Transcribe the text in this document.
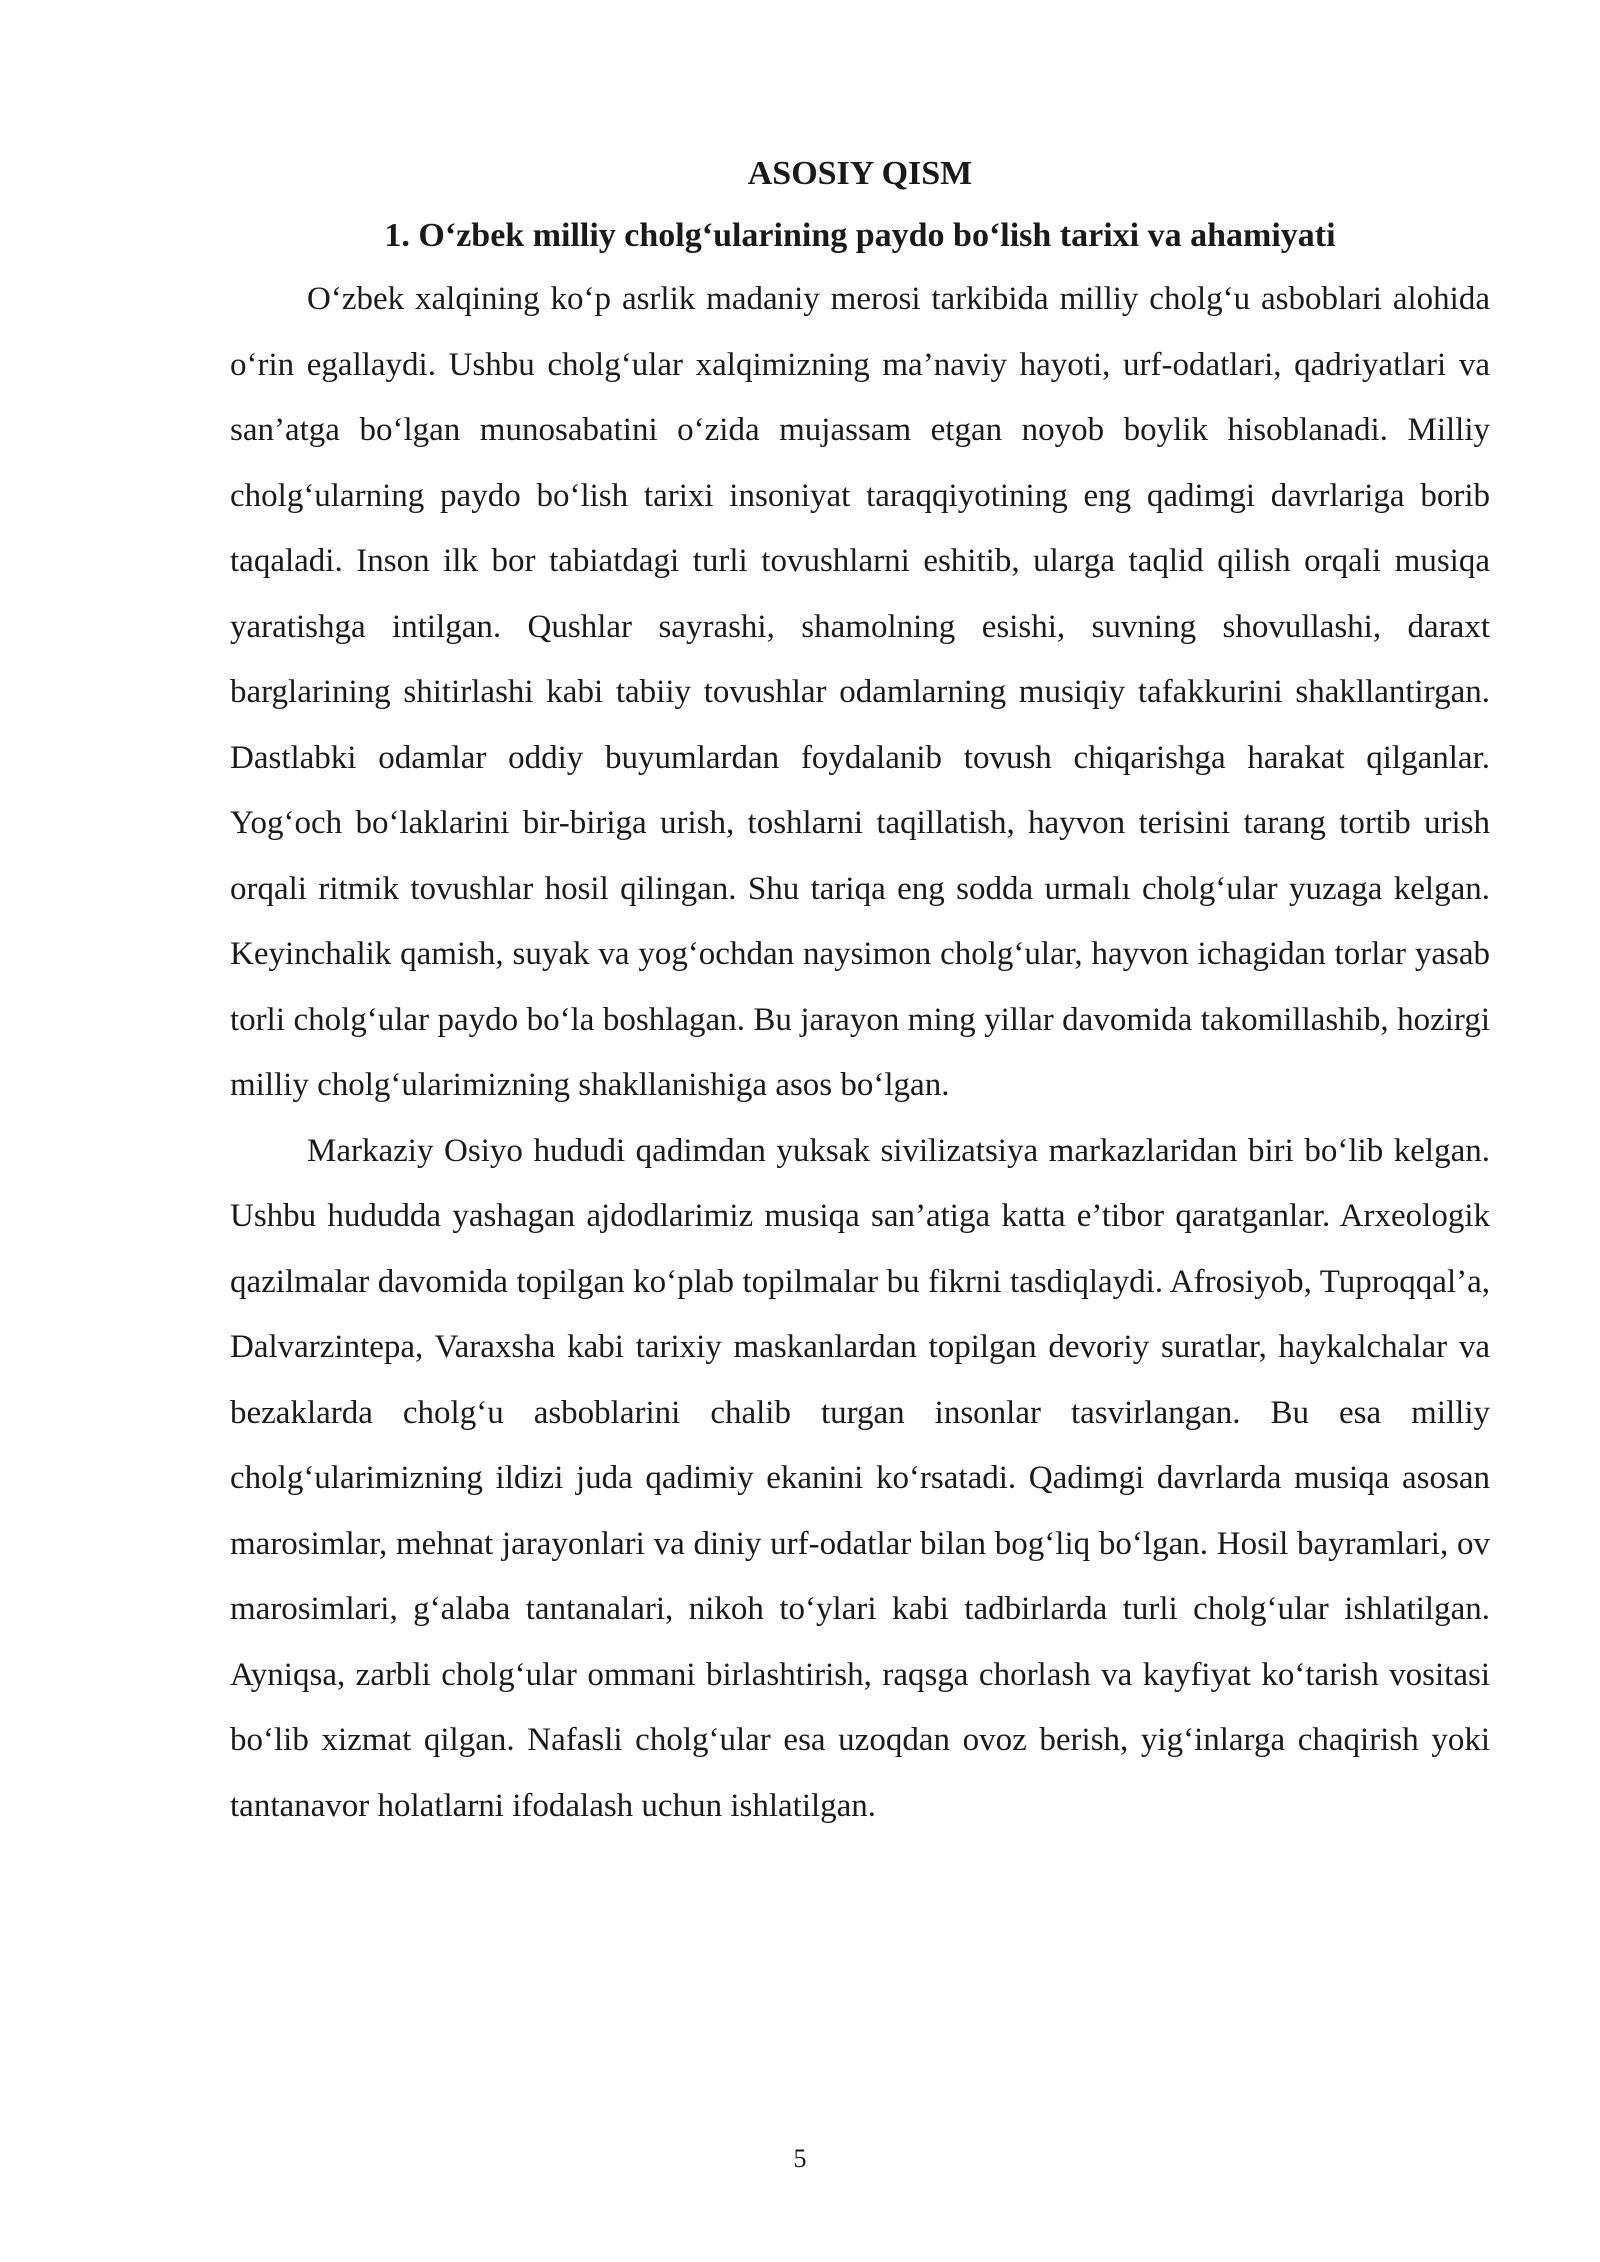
ASOSIY QISM
1. O‘zbek milliy cholg‘ularining paydo bo‘lish tarixi va ahamiyati

O‘zbek xalqining ko‘p asrlik madaniy merosi tarkibida milliy cholg‘u asboblari alohida o‘rin egallaydi. Ushbu cholg‘ular xalqimizning ma’naviy hayoti, urf-odatlari, qadriyatlari va san’atga bo‘lgan munosabatini o‘zida mujassam etgan noyob boylik hisoblanadi. Milliy cholg‘ularning paydo bo‘lish tarixi insoniyat taraqqiyotining eng qadimgi davrlariga borib taqaladi. Inson ilk bor tabiatdagi turli tovushlarni eshitib, ularga taqlid qilish orqali musiqa yaratishga intilgan. Qushlar sayrashi, shamolning esishi, suvning shovullashi, daraxt barglarining shitirlashi kabi tabiiy tovushlar odamlarning musiqiy tafakkurini shakllantirgan. Dastlabki odamlar oddiy buyumlardan foydalanib tovush chiqarishga harakat qilganlar. Yog‘och bo‘laklarini bir-biriga urish, toshlarni taqillatish, hayvon terisini tarang tortib urish orqali ritmik tovushlar hosil qilingan. Shu tariqa eng sodda urmalı cholg‘ular yuzaga kelgan. Keyinchalik qamish, suyak va yog‘ochdan naysimon cholg‘ular, hayvon ichagidan torlar yasab torli cholg‘ular paydo bo‘la boshlagan. Bu jarayon ming yillar davomida takomillashib, hozirgi milliy cholg‘ularimizning shakllanishiga asos bo‘lgan.

Markaziy Osiyo hududi qadimdan yuksak sivilizatsiya markazlaridan biri bo‘lib kelgan. Ushbu hududda yashagan ajdodlarimiz musiqa san’atiga katta e’tibor qaratganlar. Arxeologik qazilmalar davomida topilgan ko‘plab topilmalar bu fikrni tasdiqlaydi. Afrosiyob, Tuproqqal’a, Dalvarzintepa, Varaxsha kabi tarixiy maskanlardan topilgan devoriy suratlar, haykalchalar va bezaklarda cholg‘u asboblarini chalib turgan insonlar tasvirlangan. Bu esa milliy cholg‘ularimizning ildizi juda qadimiy ekanini ko‘rsatadi. Qadimgi davrlarda musiqa asosan marosimlar, mehnat jarayonlari va diniy urf-odatlar bilan bog‘liq bo‘lgan. Hosil bayramlari, ov marosimlari, g‘alaba tantanalari, nikoh to‘ylari kabi tadbirlarda turli cholg‘ular ishlatilgan. Ayniqsa, zarbli cholg‘ular ommani birlashtirish, raqsga chorlash va kayfiyat ko‘tarish vositasi bo‘lib xizmat qilgan. Nafasli cholg‘ular esa uzoqdan ovoz berish, yig‘inlarga chaqirish yoki tantanavor holatlarni ifodalash uchun ishlatilgan.

5
